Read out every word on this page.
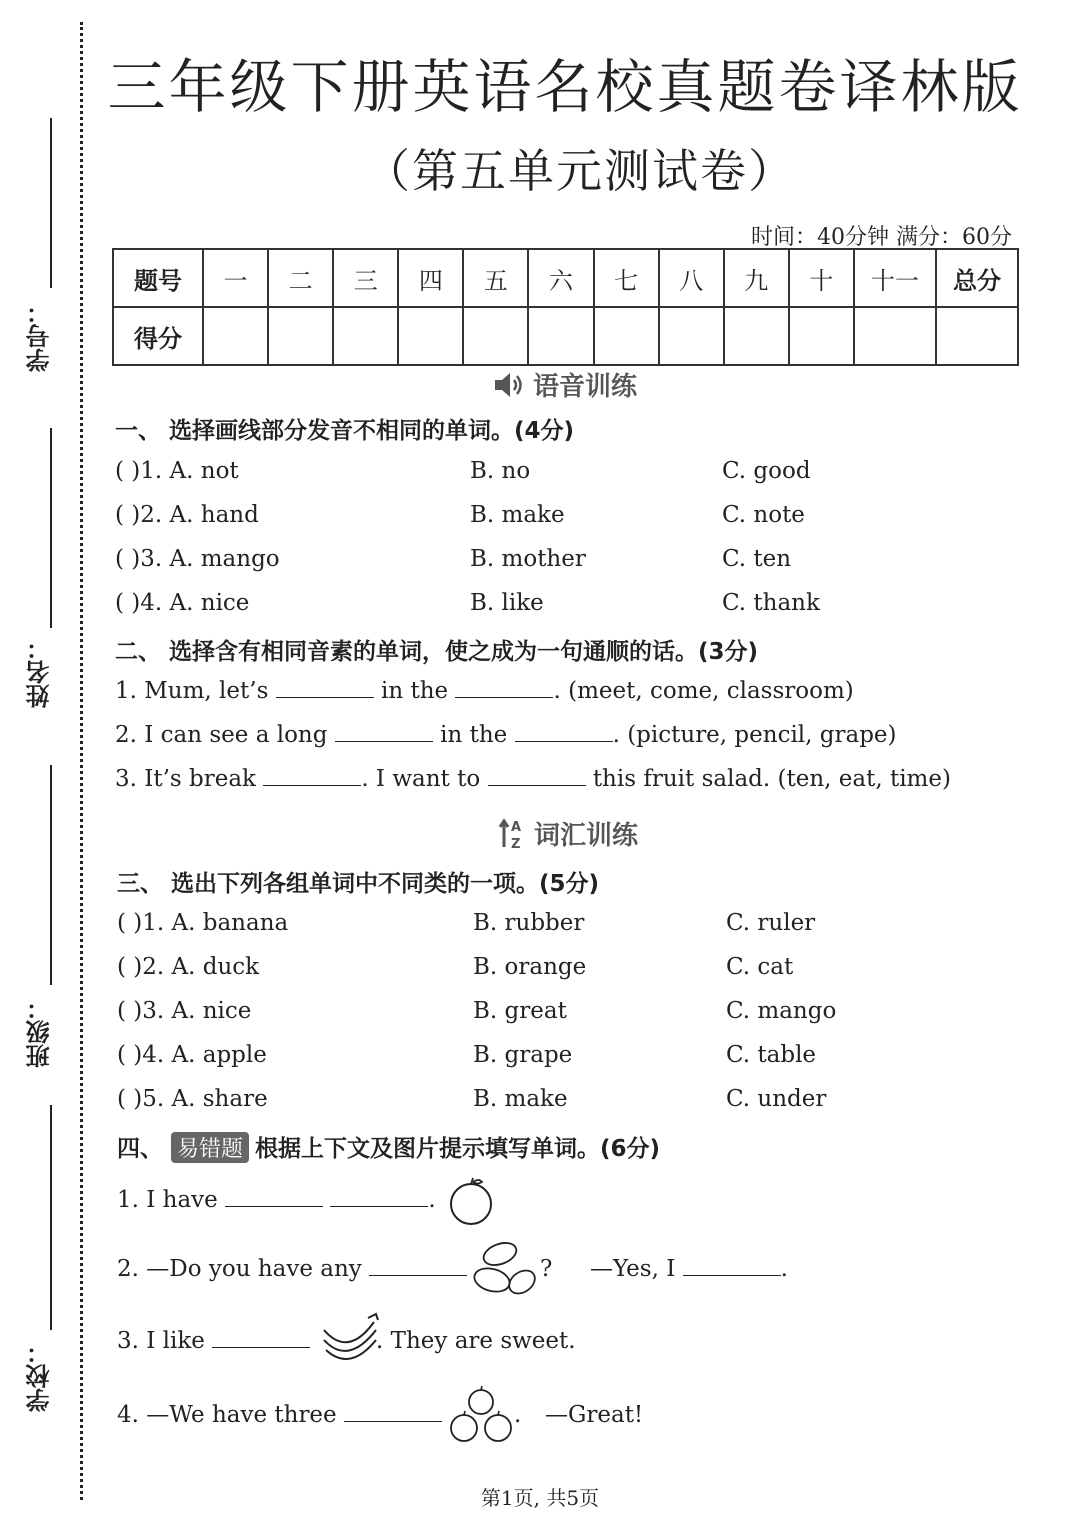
学号：
姓名：
班级：
学校：
三年级下册英语名校真题卷译林版
（第五单元测试卷）
时间：40分钟 满分：60分
题号	一	二	三	四	五	六	七	八	九	十	十一	总分
得分												
语音训练
一、 选择画线部分发音不相同的单词。(4分)
( )1. A. not	B. no	C. good
( )2. A. hand	B. make	C. note
( )3. A. mango	B. mother	C. ten
( )4. A. nice	B. like	C. thank
二、 选择含有相同音素的单词，使之成为一句通顺的话。(3分)
1. Mum, let’s	in the	. (meet, come, classroom)
2. I can see a long	in the	. (picture, pencil, grape)
3. It’s break	. I want to	this fruit salad. (ten, eat, time)
A
Z 词汇训练
三、 选出下列各组单词中不同类的一项。(5分)
( )1. A. banana	B. rubber	C. ruler
( )2. A. duck	B. orange	C. cat
( )3. A. nice	B. great	C. mango
( )4. A. apple	B. grape	C. table
( )5. A. share	B. make	C. under
四、 易错题 根据上下文及图片提示填写单词。(6分)
1. I have	.
2. —Do you have any	? —Yes, I	.
3. I like	. They are sweet.
4. —We have three	. —Great!
第1页, 共5页
